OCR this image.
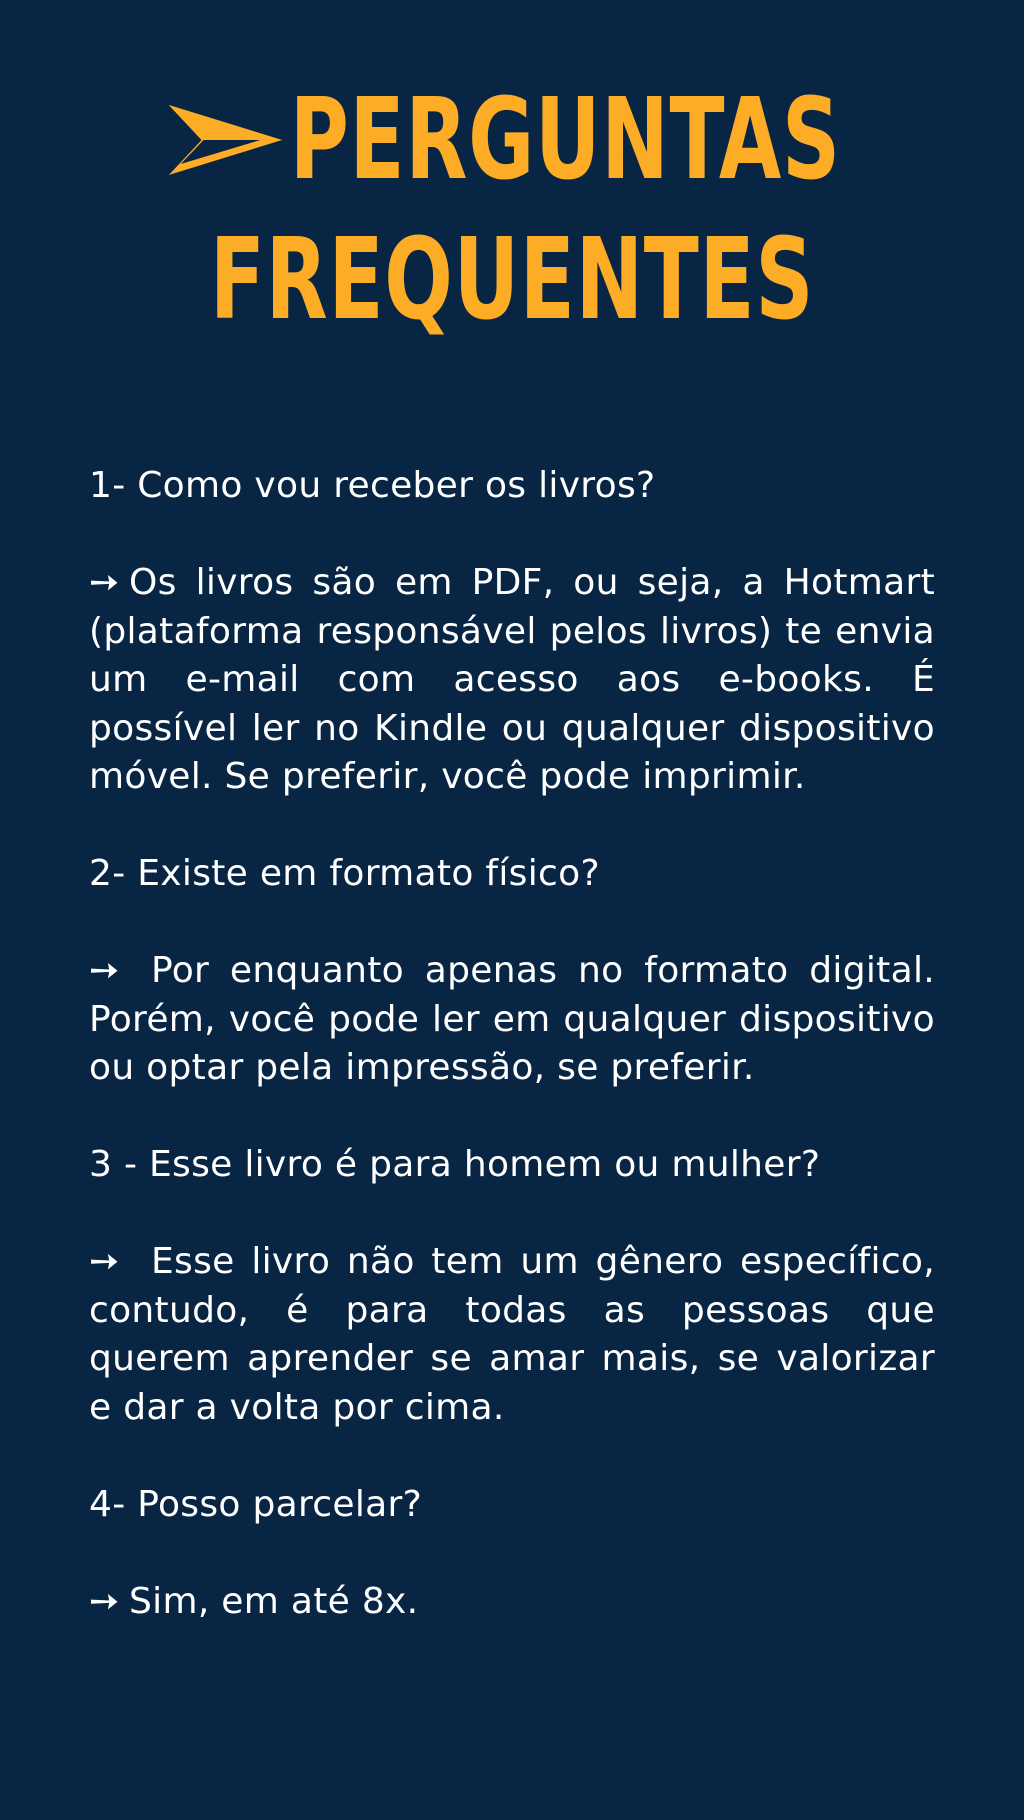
PERGUNTAS
FREQUENTES
1- Como vou receber os livros?
➙ Os livros são em PDF, ou seja, a Hotmart (plataforma responsável pelos livros) te envia um e-mail com acesso aos e-books. É possível ler no Kindle ou qualquer dispositivo móvel. Se preferir, você pode imprimir.
2- Existe em formato físico?
➙ Por enquanto apenas no formato digital. Porém, você pode ler em qualquer dispositivo ou optar pela impressão, se preferir.
3 - Esse livro é para homem ou mulher?
➙ Esse livro não tem um gênero específico, contudo, é para todas as pessoas que querem aprender se amar mais, se valorizar e dar a volta por cima.
4- Posso parcelar?
➙ Sim, em até 8x.
